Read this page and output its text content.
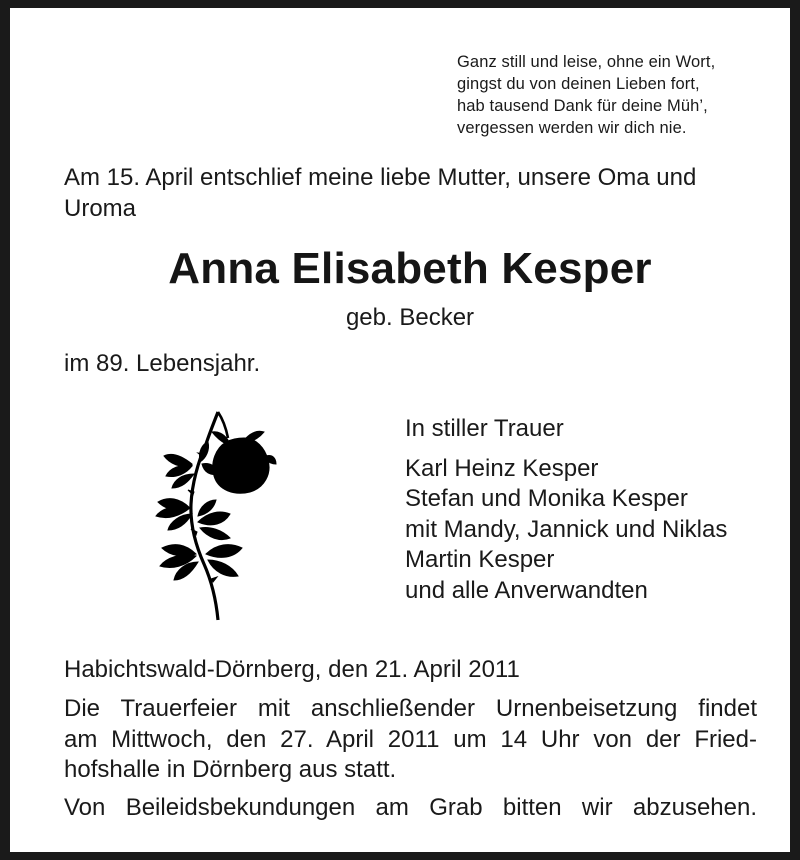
Ganz still und leise, ohne ein Wort,
gingst du von deinen Lieben fort,
hab tausend Dank für deine Müh’,
vergessen werden wir dich nie.
Am 15. April entschlief meine liebe Mutter, unsere Oma und Uroma
Anna Elisabeth Kesper
geb. Becker
im 89. Lebensjahr.
In stiller Trauer
Karl Heinz Kesper
Stefan und Monika Kesper
mit Mandy, Jannick und Niklas
Martin Kesper
und alle Anverwandten
Habichtswald-Dörnberg, den 21. April 2011
Die Trauerfeier mit anschließender Urnenbeisetzung findet
am Mittwoch, den 27. April 2011 um 14 Uhr von der Fried-
hofshalle in Dörnberg aus statt.
Von Beileidsbekundungen am Grab bitten wir abzusehen.
